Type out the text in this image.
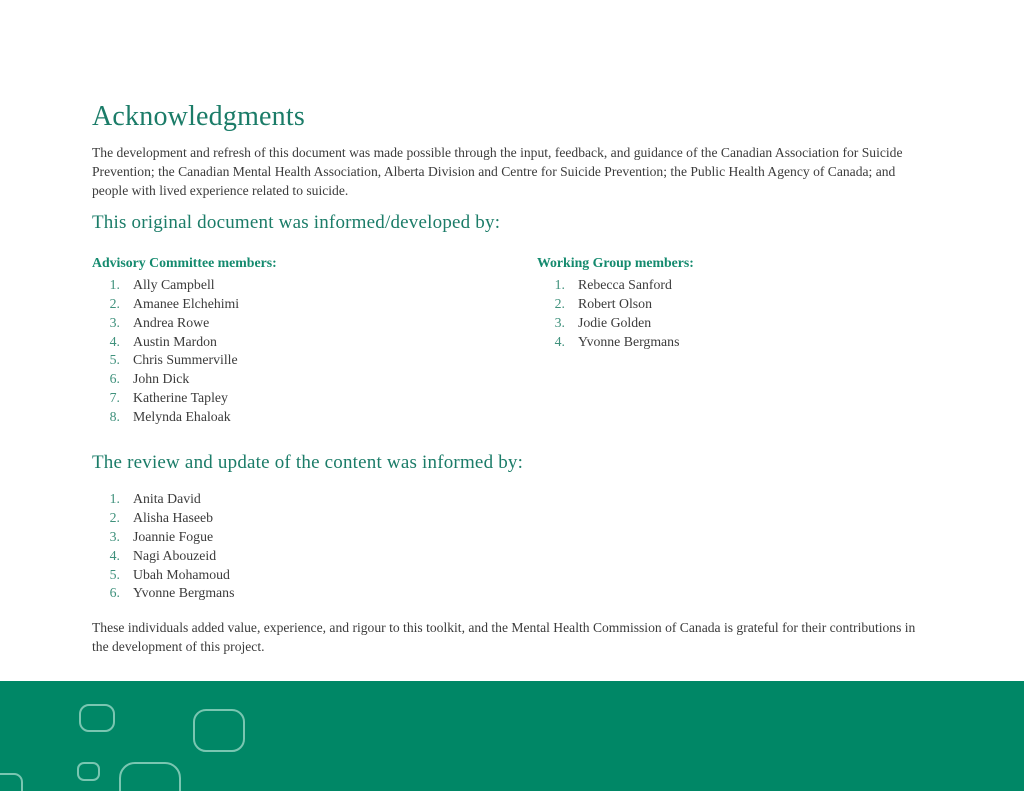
Acknowledgments

The development and refresh of this document was made possible through the input, feedback, and guidance of the Canadian Association for Suicide Prevention; the Canadian Mental Health Association, Alberta Division and Centre for Suicide Prevention; the Public Health Agency of Canada; and people with lived experience related to suicide.

This original document was informed/developed by:
Advisory Committee members:
1. Ally Campbell
2. Amanee Elchehimi
3. Andrea Rowe
4. Austin Mardon
5. Chris Summerville
6. John Dick
7. Katherine Tapley
8. Melynda Ehaloak
Working Group members:
1. Rebecca Sanford
2. Robert Olson
3. Jodie Golden
4. Yvonne Bergmans
The review and update of the content was informed by:
1. Anita David
2. Alisha Haseeb
3. Joannie Fogue
4. Nagi Abouzeid
5. Ubah Mohamoud
6. Yvonne Bergmans

These individuals added value, experience, and rigour to this toolkit, and the Mental Health Commission of Canada is grateful for their contributions in the development of this project.
